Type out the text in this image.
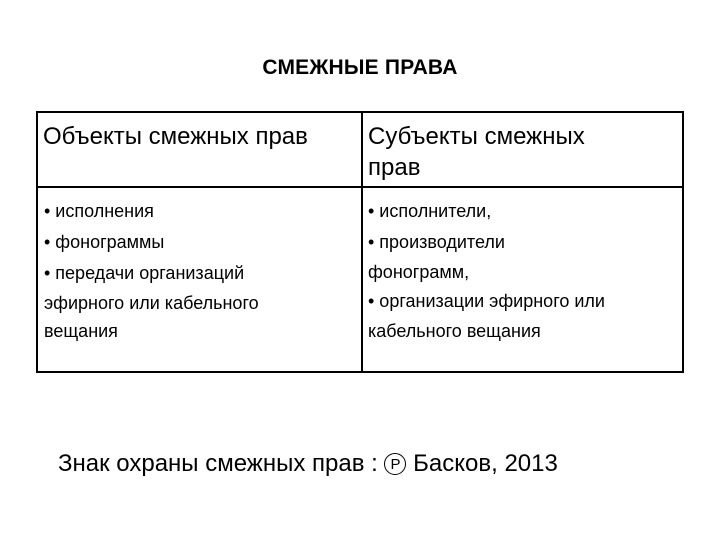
СМЕЖНЫЕ ПРАВА
Объекты смежных прав	Субъекты смежных
прав
• исполнения
• фонограммы
• передачи организаций
эфирного или кабельного
вещания
• исполнители,
• производители
фонограмм,
• организации эфирного или
кабельного вещания
Знак охраны смежных прав : P Басков, 2013
